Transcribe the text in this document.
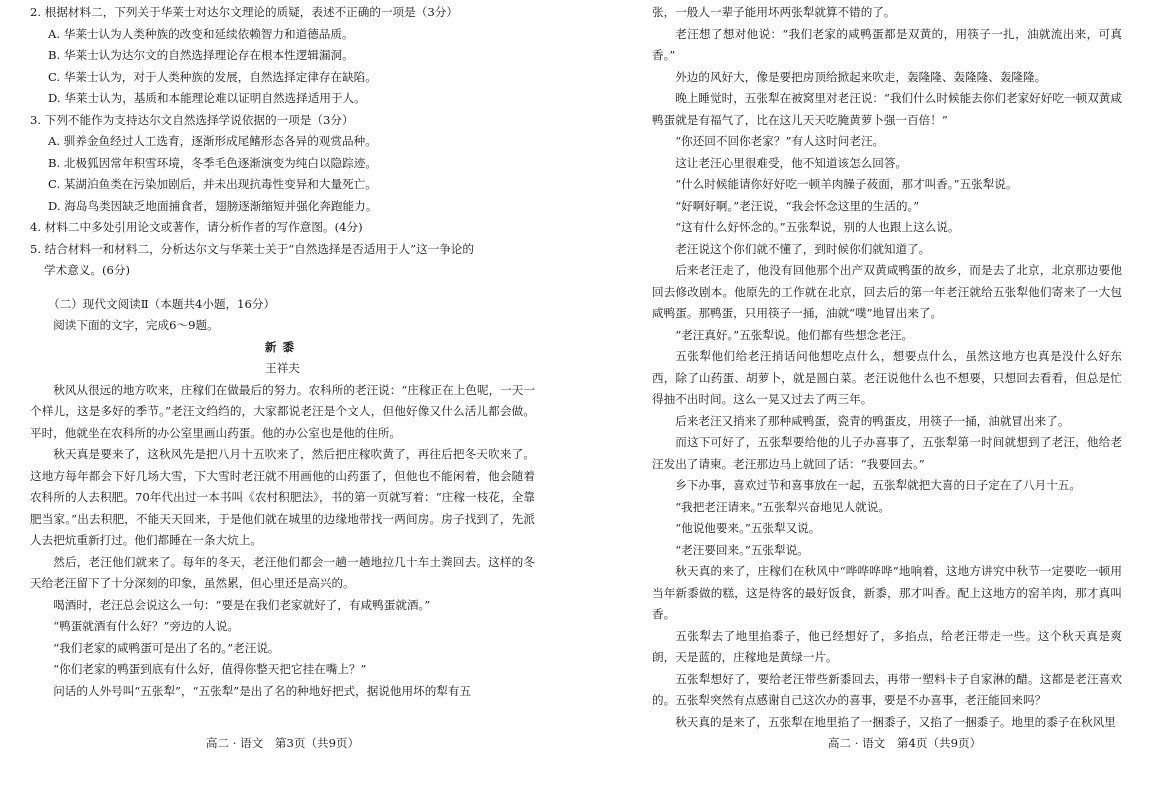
2. 根据材料二，下列关于华莱士对达尔文理论的质疑，表述不正确的一项是（3分）

A. 华莱士认为人类种族的改变和延续依赖智力和道德品质。

B. 华莱士认为达尔文的自然选择理论存在根本性逻辑漏洞。

C. 华莱士认为，对于人类种族的发展，自然选择定律存在缺陷。

D. 华莱士认为，基质和本能理论难以证明自然选择适用于人。

3. 下列不能作为支持达尔文自然选择学说依据的一项是（3分）

A. 驯养金鱼经过人工选育，逐渐形成尾鳍形态各异的观赏品种。

B. 北极狐因常年积雪环境，冬季毛色逐渐演变为纯白以隐踪迹。

C. 某湖泊鱼类在污染加剧后，并未出现抗毒性变异和大量死亡。

D. 海岛鸟类因缺乏地面捕食者，翅膀逐渐缩短并强化奔跑能力。

4. 材料二中多处引用论文或著作，请分析作者的写作意图。(4分)

5. 结合材料一和材料二，分析达尔文与华莱士关于“自然选择是否适用于人”这一争论的

学术意义。(6分)

（二）现代文阅读Ⅱ（本题共4小题，16分）

阅读下面的文字，完成6～9题。

新黍

王祥夫

秋风从很远的地方吹来，庄稼们在做最后的努力。农科所的老汪说：“庄稼正在上色呢，一天一个样儿，这是多好的季节。”老汪文绉绉的，大家都说老汪是个文人，但他好像又什么活儿都会做。平时，他就坐在农科所的办公室里画山药蛋。他的办公室也是他的住所。

秋天真是要来了，这秋风先是把八月十五吹来了，然后把庄稼吹黄了，再往后把冬天吹来了。这地方每年都会下好几场大雪，下大雪时老汪就不用画他的山药蛋了，但他也不能闲着，他会随着农科所的人去积肥。70年代出过一本书叫《农村积肥法》，书的第一页就写着：“庄稼一枝花，全靠肥当家。”出去积肥，不能天天回来，于是他们就在城里的边缘地带找一两间房。房子找到了，先派人去把炕重新打过。他们都睡在一条大炕上。

然后，老汪他们就来了。每年的冬天，老汪他们都会一趟一趟地拉几十车土粪回去。这样的冬天给老汪留下了十分深刻的印象，虽然累，但心里还是高兴的。

喝酒时，老汪总会说这么一句：“要是在我们老家就好了，有咸鸭蛋就酒。”

“鸭蛋就酒有什么好？”旁边的人说。

“我们老家的咸鸭蛋可是出了名的。”老汪说。

“你们老家的鸭蛋到底有什么好，值得你整天把它挂在嘴上？”

问话的人外号叫“五张犁”，“五张犁”是出了名的种地好把式，据说他用坏的犁有五

高二 · 语文　第3页（共9页）

张，一般人一辈子能用坏两张犁就算不错的了。

老汪想了想对他说：“我们老家的咸鸭蛋都是双黄的，用筷子一扎，油就流出来，可真香。”

外边的风好大，像是要把房顶给掀起来吹走，轰隆隆、轰隆隆、轰隆隆。

晚上睡觉时，五张犁在被窝里对老汪说：“我们什么时候能去你们老家好好吃一顿双黄咸鸭蛋就是有福气了，比在这儿天天吃腌黄萝卜强一百倍！”

“你还回不回你老家？”有人这时问老汪。

这让老汪心里很难受，他不知道该怎么回答。

“什么时候能请你好好吃一顿羊肉臊子莜面，那才叫香。”五张犁说。

“好啊好啊。”老汪说，“我会怀念这里的生活的。”

“这有什么好怀念的。”五张犁说，别的人也跟上这么说。

老汪说这个你们就不懂了，到时候你们就知道了。

后来老汪走了，他没有回他那个出产双黄咸鸭蛋的故乡，而是去了北京，北京那边要他回去修改剧本。他原先的工作就在北京，回去后的第一年老汪就给五张犁他们寄来了一大包咸鸭蛋。那鸭蛋，只用筷子一捅，油就“噗”地冒出来了。

“老汪真好。”五张犁说。他们都有些想念老汪。

五张犁他们给老汪捎话问他想吃点什么，想要点什么，虽然这地方也真是没什么好东西，除了山药蛋、胡萝卜，就是圆白菜。老汪说他什么也不想要，只想回去看看，但总是忙得抽不出时间。这么一晃又过去了两三年。

后来老汪又捎来了那种咸鸭蛋，瓷青的鸭蛋皮，用筷子一捅，油就冒出来了。

而这下可好了，五张犁要给他的儿子办喜事了，五张犁第一时间就想到了老汪，他给老汪发出了请柬。老汪那边马上就回了话：“我要回去。”

乡下办事，喜欢过节和喜事放在一起，五张犁就把大喜的日子定在了八月十五。

“我把老汪请来。”五张犁兴奋地见人就说。

“他说他要来。”五张犁又说。

“老汪要回来。”五张犁说。

秋天真的来了，庄稼们在秋风中“哗哗哗哗”地响着，这地方讲究中秋节一定要吃一顿用当年新黍做的糕，这是待客的最好饭食，新黍，那才叫香。配上这地方的窑羊肉，那才真叫香。

五张犁去了地里掐黍子，他已经想好了，多掐点，给老汪带走一些。这个秋天真是爽朗，天是蓝的，庄稼地是黄绿一片。

五张犁想好了，要给老汪带些新黍回去，再带一塑料卡子自家淋的醋。这都是老汪喜欢的。五张犁突然有点感谢自己这次办的喜事，要是不办喜事，老汪能回来吗？

秋天真的是来了，五张犁在地里掐了一捆黍子，又掐了一捆黍子。地里的黍子在秋风里

高二 · 语文　第4页（共9页）
